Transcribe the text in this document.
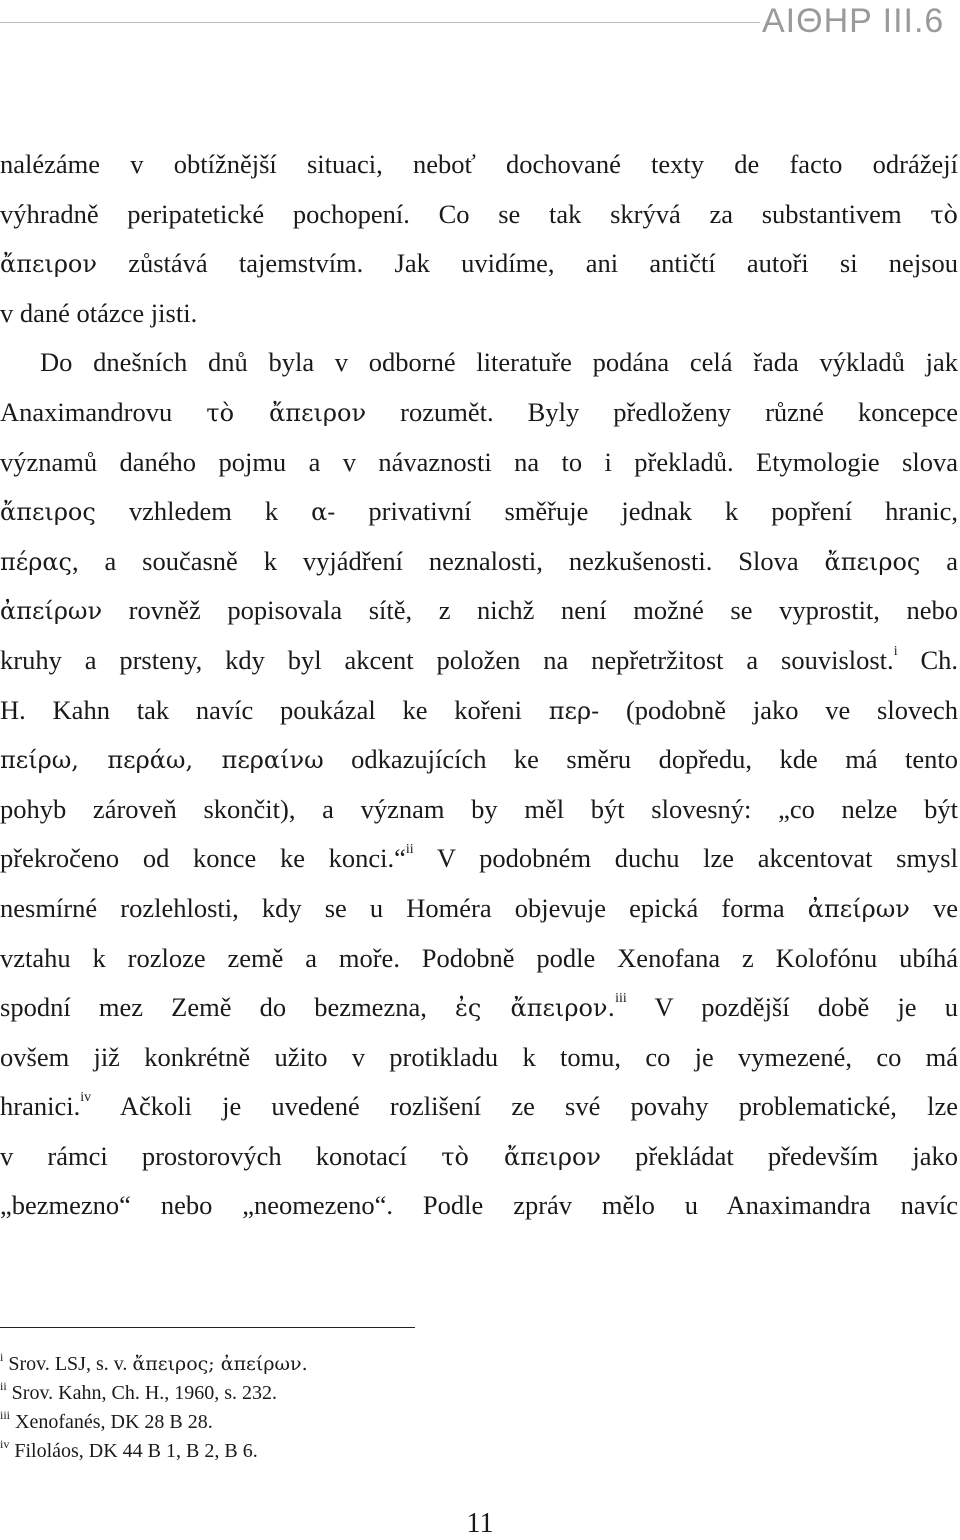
ΑΙΘΗΡ III.6
nalézáme v obtížnější situaci, neboť dochované texty de facto odrážejí
výhradně peripatetické pochopení. Co se tak skrývá za substantivem τὸ
ἄπειρον zůstává tajemstvím. Jak uvidíme, ani antičtí autoři si nejsou
v dané otázce jisti.
Do dnešních dnů byla v odborné literatuře podána celá řada výkladů jak
Anaximandrovu τὸ ἄπειρον rozumět. Byly předloženy různé koncepce
významů daného pojmu a v návaznosti na to i překladů. Etymologie slova
ἄπειρος vzhledem k α- privativní směřuje jednak k popření hranic,
πέρας, a současně k vyjádření neznalosti, nezkušenosti. Slova ἄπειρος a
ἀπείρων rovněž popisovala sítě, z nichž není možné se vyprostit, nebo
kruhy a prsteny, kdy byl akcent položen na nepřetržitost a souvislost.$^i$ Ch.
H. Kahn tak navíc poukázal ke kořeni περ- (podobně jako ve slovech
πείρω, περάω, περαίνω odkazujících ke směru dopředu, kde má tento
pohyb zároveň skončit), a význam by měl být slovesný: „co nelze být
překročeno od konce ke konci.“$^{ii}$ V podobném duchu lze akcentovat smysl
nesmírné rozlehlosti, kdy se u Homéra objevuje epická forma ἀπείρων ve
vztahu k rozloze země a moře. Podobně podle Xenofana z Kolofónu ubíhá
spodní mez Země do bezmezna, ἐς ἄπειρον.$^{iii}$ V pozdější době je u
ovšem již konkrétně užito v protikladu k tomu, co je vymezené, co má
hranici.$^{iv}$ Ačkoli je uvedené rozlišení ze své povahy problematické, lze
v rámci prostorových konotací τὸ ἄπειρον překládat především jako
„bezmezno“ nebo „neomezeno“. Podle zpráv mělo u Anaximandra navíc
$^i$ Srov. LSJ, s. v. ἄπειρος; ἀπείρων.
$^{ii}$ Srov. Kahn, Ch. H., 1960, s. 232.
$^{iii}$ Xenofanés, DK 28 B 28.
$^{iv}$ Filoláos, DK 44 B 1, B 2, B 6.
11
